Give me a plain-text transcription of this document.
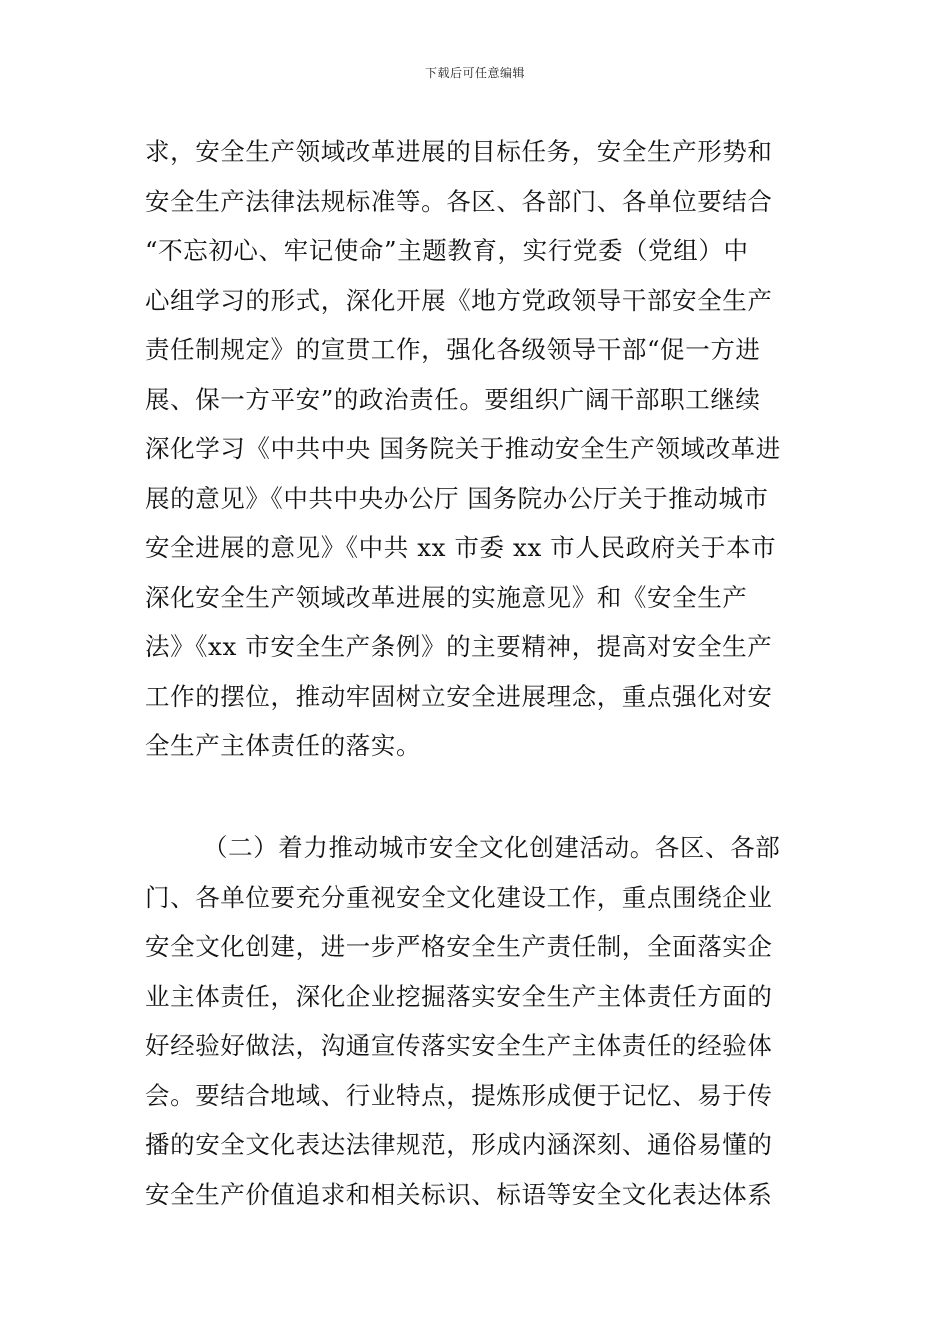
下载后可任意编辑
求，安全生产领域改革进展的目标任务，安全生产形势和
安全生产法律法规标准等。各区、各部门、各单位要结合
“不忘初心、牢记使命”主题教育，实行党委（党组）中
心组学习的形式，深化开展《地方党政领导干部安全生产
责任制规定》的宣贯工作，强化各级领导干部“促一方进
展、保一方平安”的政治责任。要组织广阔干部职工继续
深化学习《中共中央 国务院关于推动安全生产领域改革进
展的意见》《中共中央办公厅 国务院办公厅关于推动城市
安全进展的意见》《中共 xx 市委 xx 市人民政府关于本市
深化安全生产领域改革进展的实施意见》和《安全生产
法》《xx 市安全生产条例》的主要精神，提高对安全生产
工作的摆位，推动牢固树立安全进展理念，重点强化对安
全生产主体责任的落实。
（二）着力推动城市安全文化创建活动。各区、各部
门、各单位要充分重视安全文化建设工作，重点围绕企业
安全文化创建，进一步严格安全生产责任制，全面落实企
业主体责任，深化企业挖掘落实安全生产主体责任方面的
好经验好做法，沟通宣传落实安全生产主体责任的经验体
会。要结合地域、行业特点，提炼形成便于记忆、易于传
播的安全文化表达法律规范，形成内涵深刻、通俗易懂的
安全生产价值追求和相关标识、标语等安全文化表达体系
